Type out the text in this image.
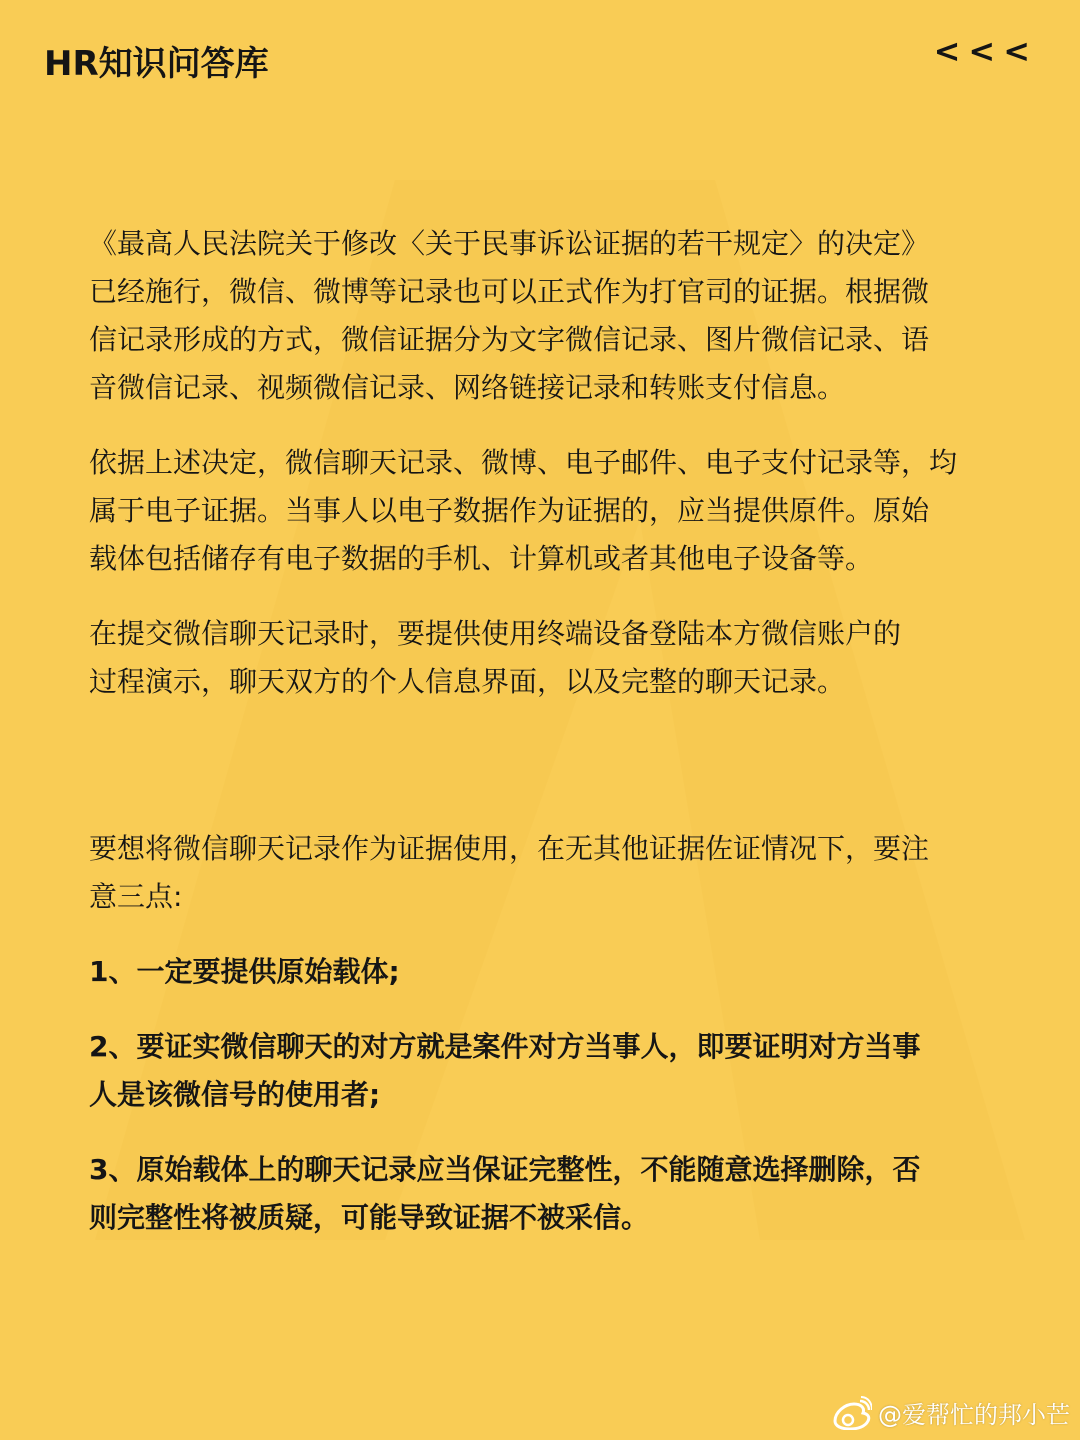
HR知识问答库	<<<

《最高人民法院关于修改〈关于民事诉讼证据的若干规定〉的决定》
已经施行，微信、微博等记录也可以正式作为打官司的证据。根据微
信记录形成的方式，微信证据分为文字微信记录、图片微信记录、语
音微信记录、视频微信记录、网络链接记录和转账支付信息。

依据上述决定，微信聊天记录、微博、电子邮件、电子支付记录等，均
属于电子证据。当事人以电子数据作为证据的，应当提供原件。原始
载体包括储存有电子数据的手机、计算机或者其他电子设备等。

在提交微信聊天记录时，要提供使用终端设备登陆本方微信账户的
过程演示，聊天双方的个人信息界面，以及完整的聊天记录。

要想将微信聊天记录作为证据使用，在无其他证据佐证情况下，要注
意三点:

1、一定要提供原始载体;

2、要证实微信聊天的对方就是案件对方当事人，即要证明对方当事
人是该微信号的使用者;

3、原始载体上的聊天记录应当保证完整性，不能随意选择删除，否
则完整性将被质疑，可能导致证据不被采信。

@爱帮忙的邦小芒
